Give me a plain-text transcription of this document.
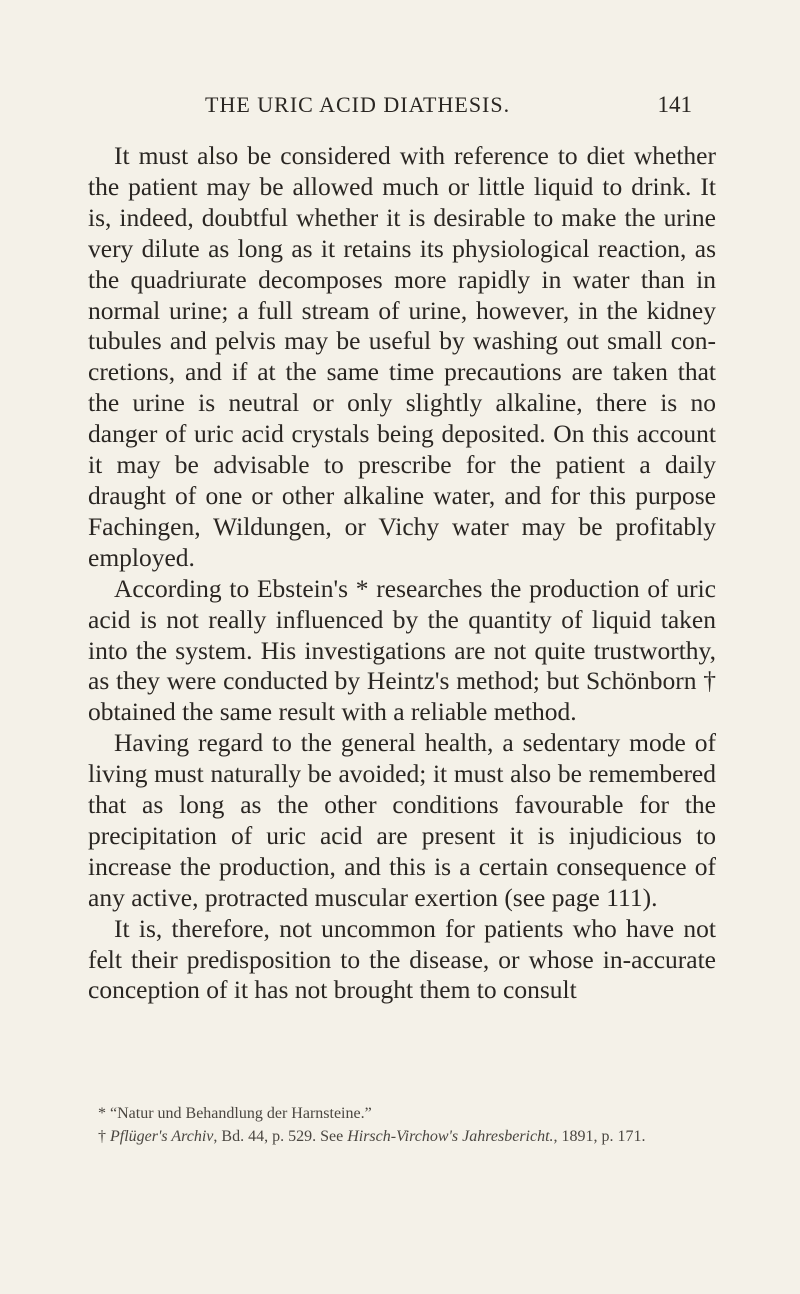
THE URIC ACID DIATHESIS.	141

It must also be considered with reference to diet whether the patient may be allowed much or little liquid to drink. It is, indeed, doubtful whether it is desirable to make the urine very dilute as long as it retains its physiological reaction, as the quadriurate decomposes more rapidly in water than in normal urine; a full stream of urine, however, in the kidney tubules and pelvis may be useful by washing out small con-cretions, and if at the same time precautions are taken that the urine is neutral or only slightly alkaline, there is no danger of uric acid crystals being deposited. On this account it may be advisable to prescribe for the patient a daily draught of one or other alkaline water, and for this purpose Fachingen, Wildungen, or Vichy water may be profitably employed.

According to Ebstein's * researches the production of uric acid is not really influenced by the quantity of liquid taken into the system. His investigations are not quite trustworthy, as they were conducted by Heintz's method; but Schönborn † obtained the same result with a reliable method.

Having regard to the general health, a sedentary mode of living must naturally be avoided; it must also be remembered that as long as the other conditions favourable for the precipitation of uric acid are present it is injudicious to increase the production, and this is a certain consequence of any active, protracted muscular exertion (see page 111).

It is, therefore, not uncommon for patients who have not felt their predisposition to the disease, or whose in-accurate conception of it has not brought them to consult

* “Natur und Behandlung der Harnsteine.”

† Pflüger's Archiv, Bd. 44, p. 529. See Hirsch-Virchow's Jahresbericht., 1891, p. 171.
